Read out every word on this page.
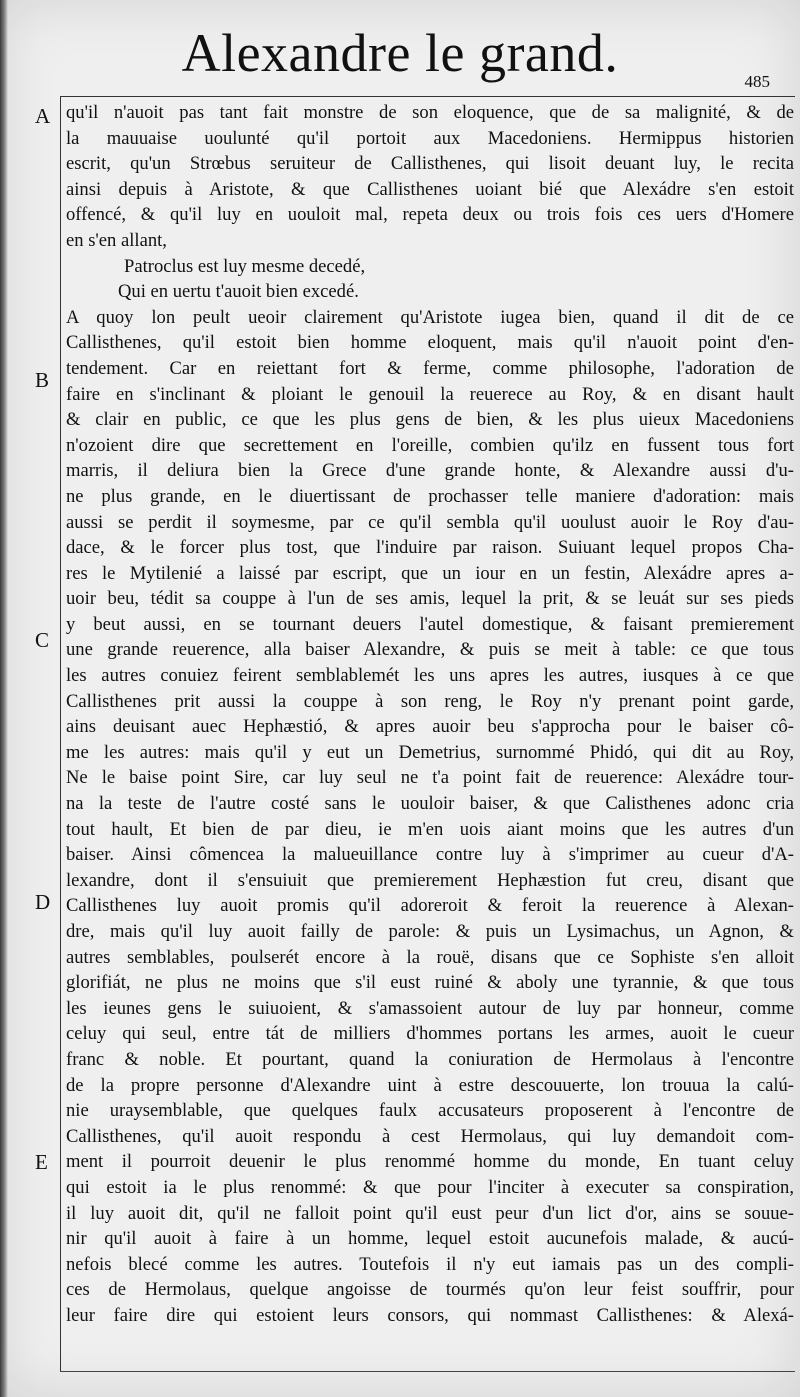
Alexandre le grand.	485
A
B
C
D
E
qu'il n'auoit pas tant fait monstre de son eloquence, que de sa malignité, & de
la mauuaise uoulunté qu'il portoit aux Macedoniens. Hermippus historien
escrit, qu'un Strœbus seruiteur de Callisthenes, qui lisoit deuant luy, le recita
ainsi depuis à Aristote, & que Callisthenes uoiant bié que Alexádre s'en estoit
offencé, & qu'il luy en uouloit mal, repeta deux ou trois fois ces uers d'Homere
en s'en allant,
Patroclus est luy mesme decedé,
Qui en uertu t'auoit bien excedé.
A quoy lon peult ueoir clairement qu'Aristote iugea bien, quand il dit de ce
Callisthenes, qu'il estoit bien homme eloquent, mais qu'il n'auoit point d'en-
tendement. Car en reiettant fort & ferme, comme philosophe, l'adoration de
faire en s'inclinant & ploiant le genouil la reuerece au Roy, & en disant hault
& clair en public, ce que les plus gens de bien, & les plus uieux Macedoniens
n'ozoient dire que secrettement en l'oreille, combien qu'ilz en fussent tous fort
marris, il deliura bien la Grece d'une grande honte, & Alexandre aussi d'u-
ne plus grande, en le diuertissant de prochasser telle maniere d'adoration: mais
aussi se perdit il soymesme, par ce qu'il sembla qu'il uoulust auoir le Roy d'au-
dace, & le forcer plus tost, que l'induire par raison. Suiuant lequel propos Cha-
res le Mytilenié a laissé par escript, que un iour en un festin, Alexádre apres a-
uoir beu, tédit sa couppe à l'un de ses amis, lequel la prit, & se leuát sur ses pieds
y beut aussi, en se tournant deuers l'autel domestique, & faisant premierement
une grande reuerence, alla baiser Alexandre, & puis se meit à table: ce que tous
les autres conuiez feirent semblablemét les uns apres les autres, iusques à ce que
Callisthenes prit aussi la couppe à son reng, le Roy n'y prenant point garde,
ains deuisant auec Hephæstió, & apres auoir beu s'approcha pour le baiser cô-
me les autres: mais qu'il y eut un Demetrius, surnommé Phidó, qui dit au Roy,
Ne le baise point Sire, car luy seul ne t'a point fait de reuerence: Alexádre tour-
na la teste de l'autre costé sans le uouloir baiser, & que Calisthenes adonc cria
tout hault, Et bien de par dieu, ie m'en uois aiant moins que les autres d'un
baiser. Ainsi cômencea la malueuillance contre luy à s'imprimer au cueur d'A-
lexandre, dont il s'ensuiuit que premierement Hephæstion fut creu, disant que
Callisthenes luy auoit promis qu'il adoreroit & feroit la reuerence à Alexan-
dre, mais qu'il luy auoit failly de parole: & puis un Lysimachus, un Agnon, &
autres semblables, poulserét encore à la rouë, disans que ce Sophiste s'en alloit
glorifiát, ne plus ne moins que s'il eust ruiné & aboly une tyrannie, & que tous
les ieunes gens le suiuoient, & s'amassoient autour de luy par honneur, comme
celuy qui seul, entre tát de milliers d'hommes portans les armes, auoit le cueur
franc & noble. Et pourtant, quand la coniuration de Hermolaus à l'encontre
de la propre personne d'Alexandre uint à estre descouuerte, lon trouua la calú-
nie uraysemblable, que quelques faulx accusateurs proposerent à l'encontre de
Callisthenes, qu'il auoit respondu à cest Hermolaus, qui luy demandoit com-
ment il pourroit deuenir le plus renommé homme du monde, En tuant celuy
qui estoit ia le plus renommé: & que pour l'inciter à executer sa conspiration,
il luy auoit dit, qu'il ne falloit point qu'il eust peur d'un lict d'or, ains se souue-
nir qu'il auoit à faire à un homme, lequel estoit aucunefois malade, & aucú-
nefois blecé comme les autres. Toutefois il n'y eut iamais pas un des compli-
ces de Hermolaus, quelque angoisse de tourmés qu'on leur feist souffrir, pour
leur faire dire qui estoient leurs consors, qui nommast Callisthenes: & Alexá-
